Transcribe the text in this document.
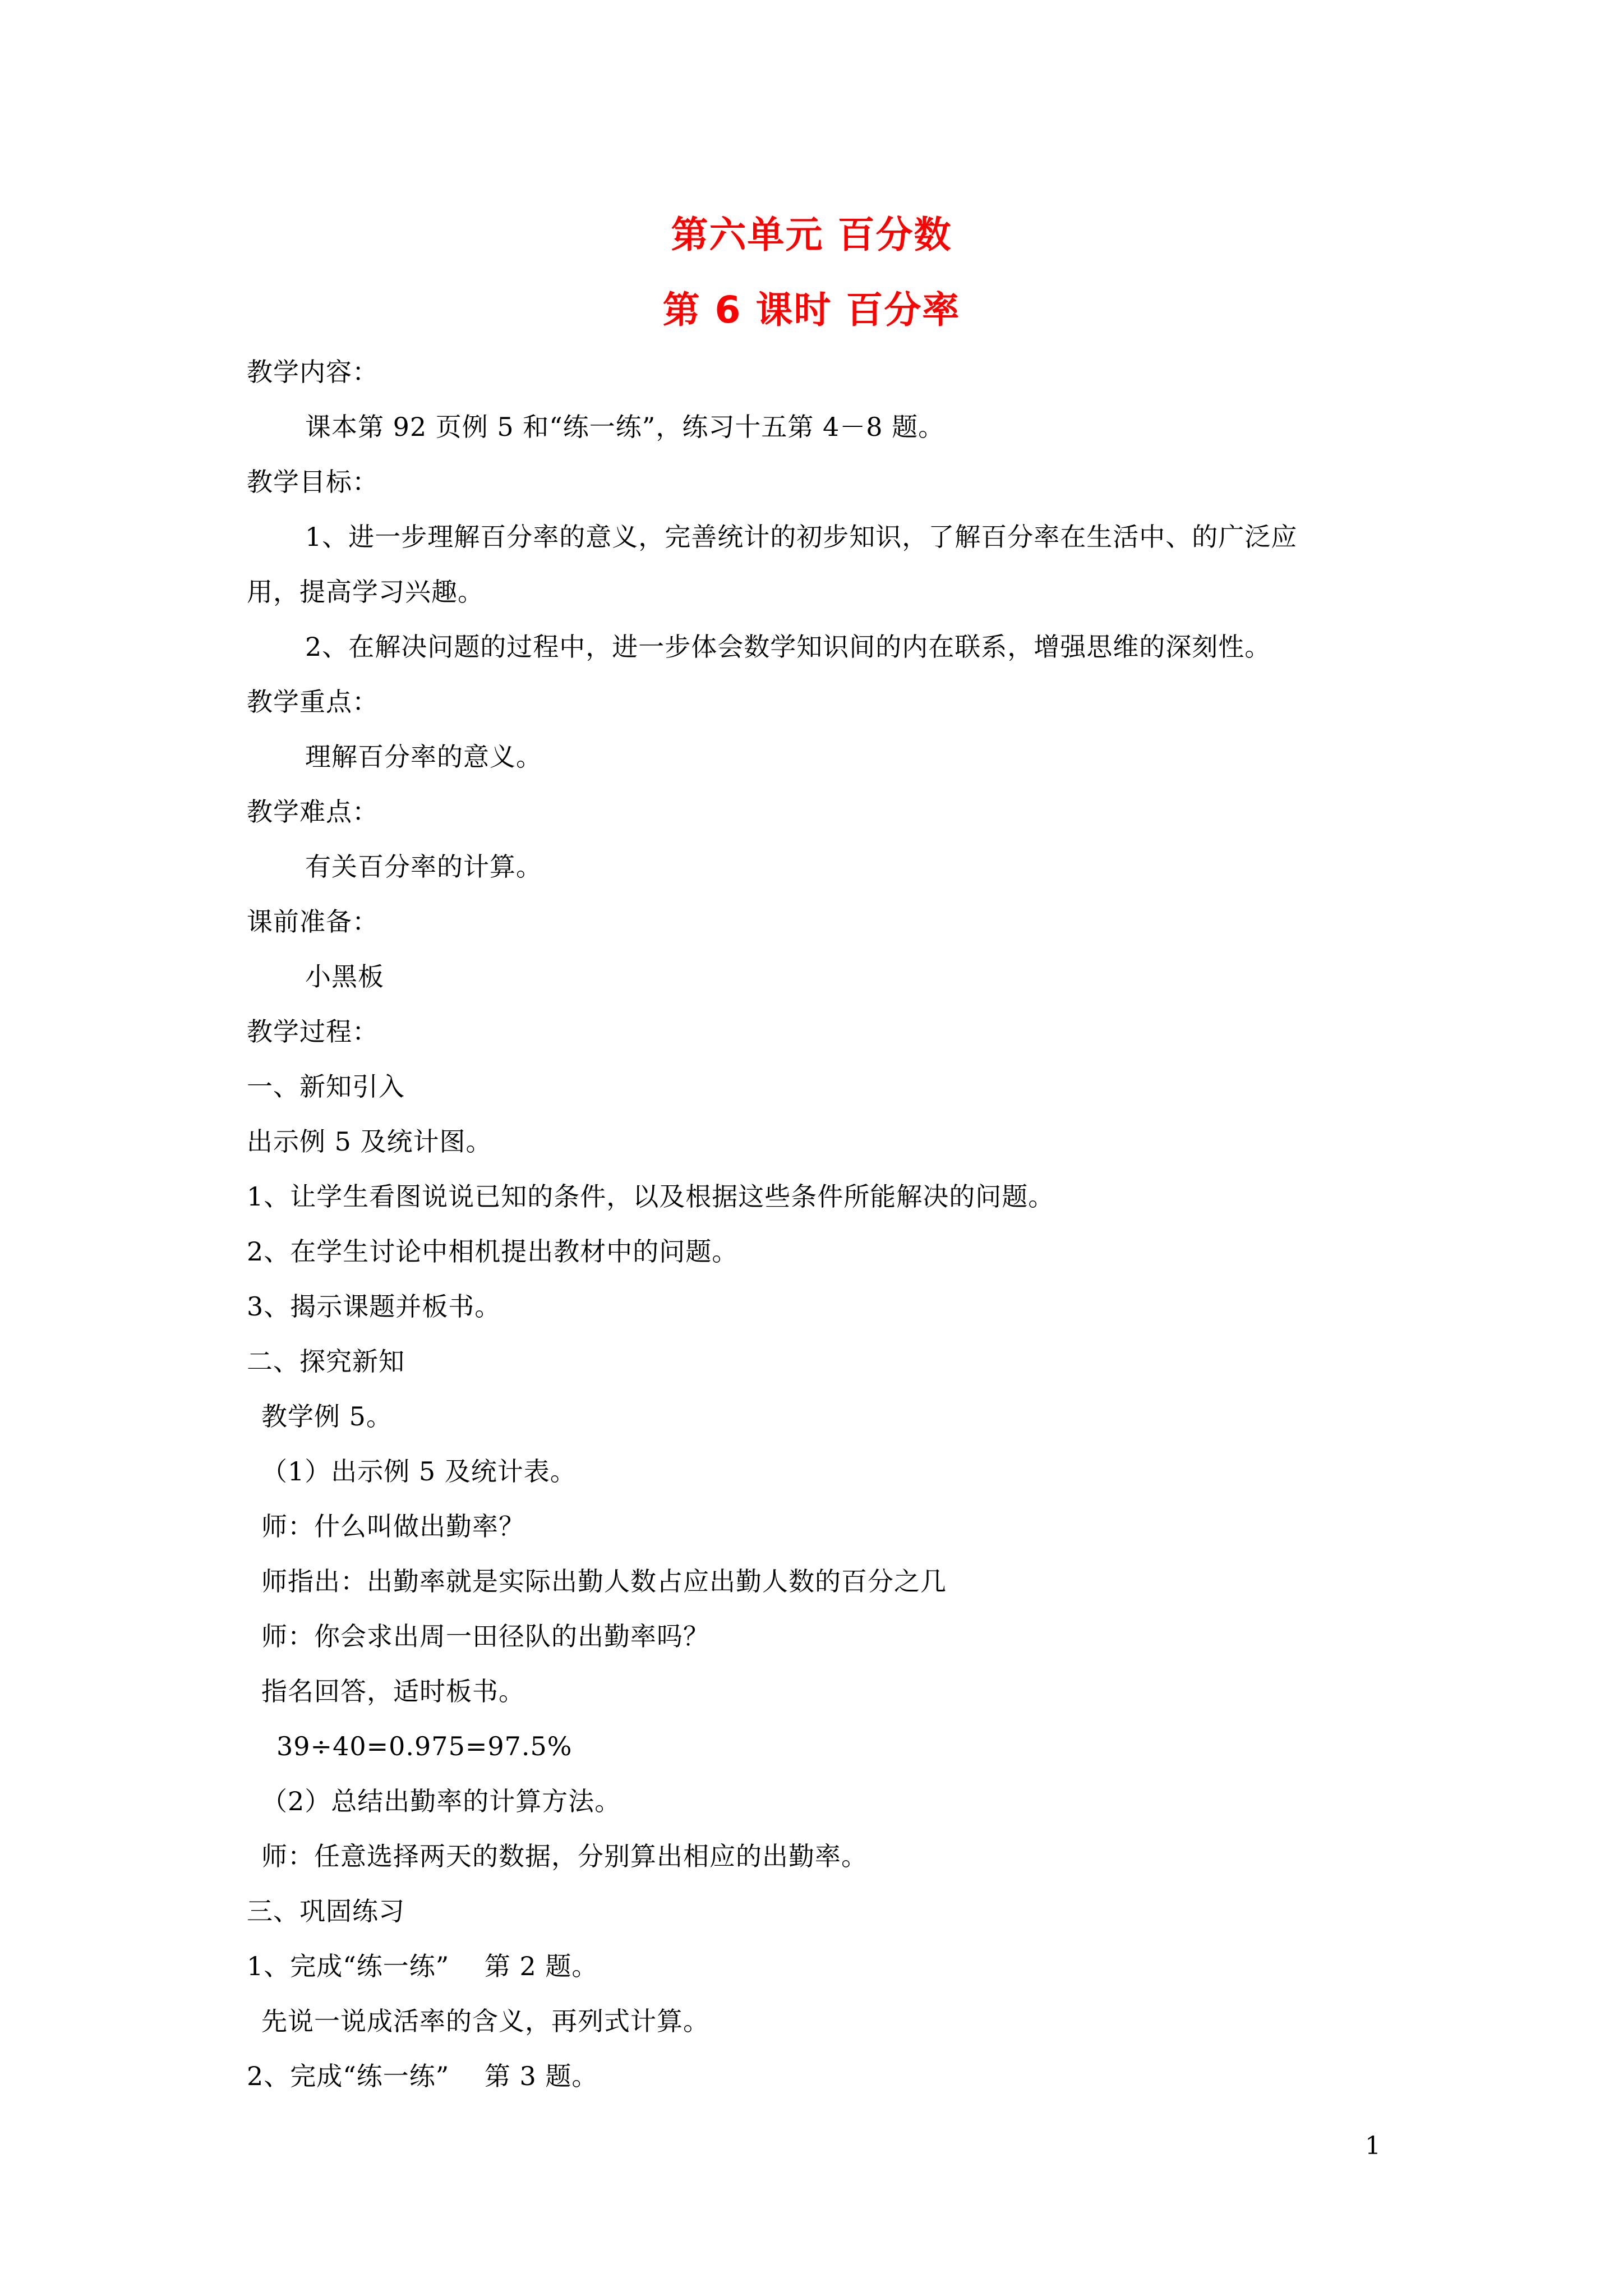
第六单元 百分数
第 6 课时 百分率
教学内容：
课本第 92 页例 5 和“练一练”，练习十五第 4－8 题。
教学目标：
1、进一步理解百分率的意义，完善统计的初步知识，了解百分率在生活中、的广泛应
用，提高学习兴趣。
2、在解决问题的过程中，进一步体会数学知识间的内在联系，增强思维的深刻性。
教学重点：
理解百分率的意义。
教学难点：
有关百分率的计算。
课前准备：
小黑板
教学过程：
一、新知引入
出示例 5 及统计图。
1、让学生看图说说已知的条件，以及根据这些条件所能解决的问题。
2、在学生讨论中相机提出教材中的问题。
3、揭示课题并板书。
二、探究新知
教学例 5。
（1）出示例 5 及统计表。
师：什么叫做出勤率？
师指出：出勤率就是实际出勤人数占应出勤人数的百分之几
师：你会求出周一田径队的出勤率吗？
指名回答，适时板书。
39÷40=0.975=97.5%
（2）总结出勤率的计算方法。
师：任意选择两天的数据，分别算出相应的出勤率。
三、巩固练习
1、完成“练一练”　 第 2 题。
先说一说成活率的含义，再列式计算。
2、完成“练一练”　 第 3 题。
1
